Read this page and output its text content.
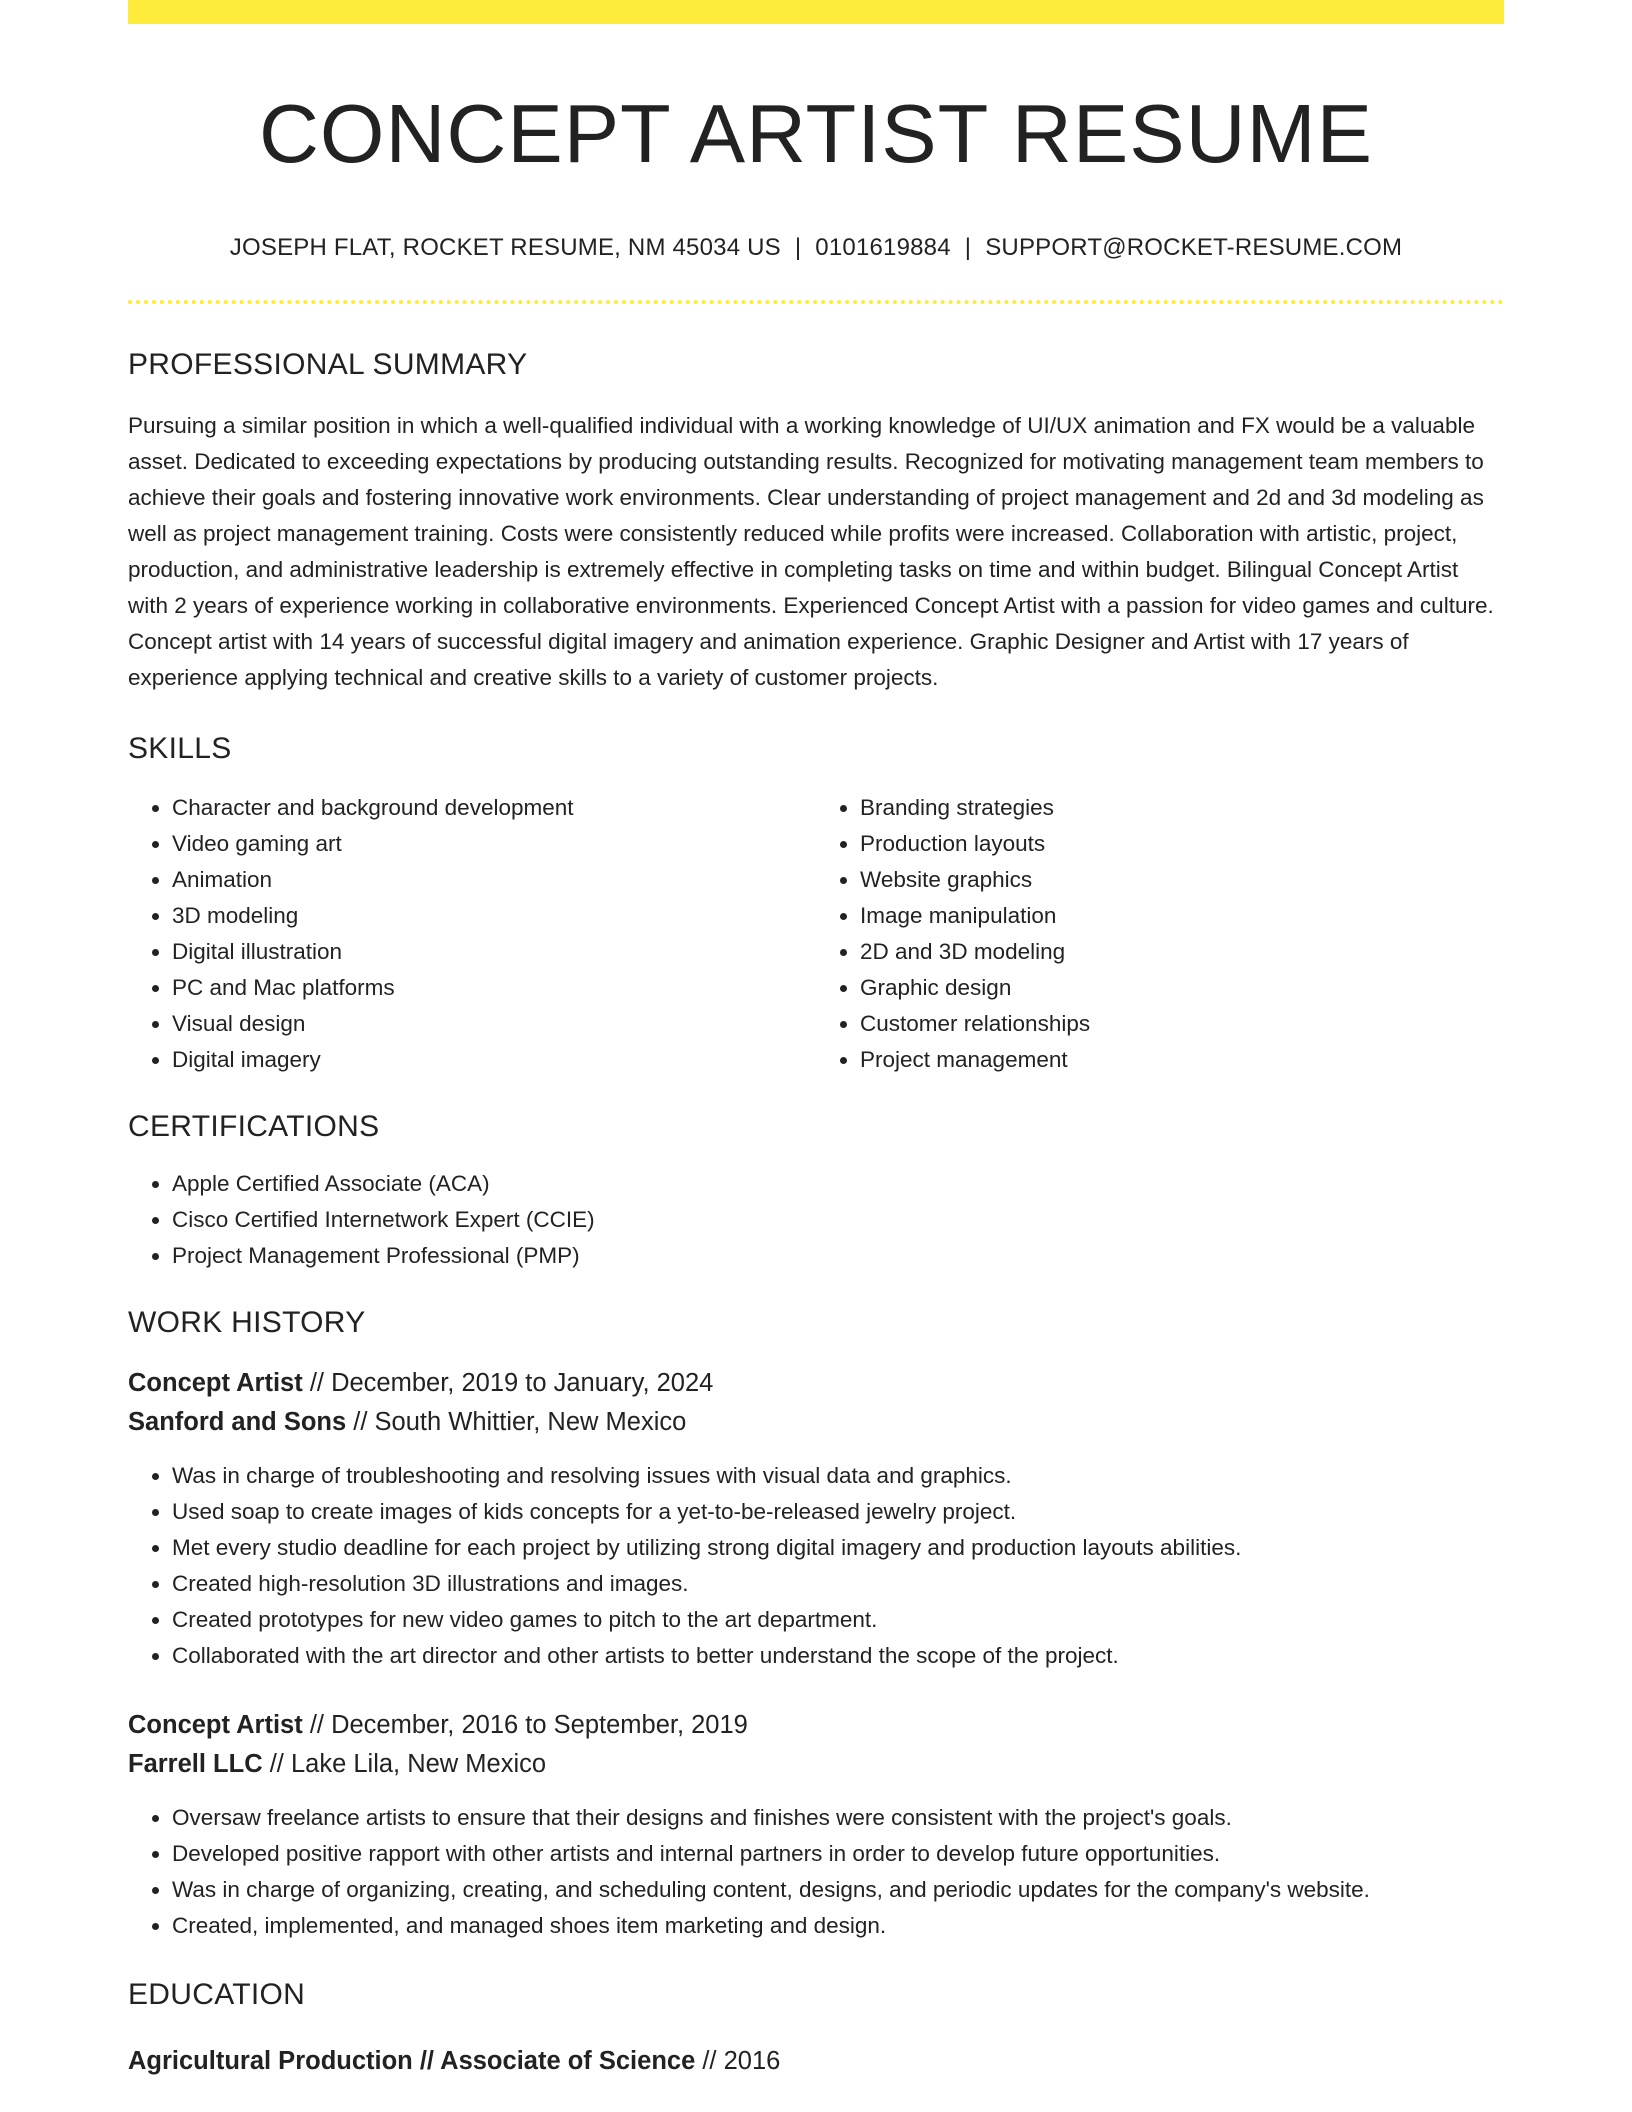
CONCEPT ARTIST RESUME
JOSEPH FLAT, ROCKET RESUME, NM 45034 US | 0101619884 | SUPPORT@ROCKET-RESUME.COM
PROFESSIONAL SUMMARY

Pursuing a similar position in which a well-qualified individual with a working knowledge of UI/UX animation and FX would be a valuable asset. Dedicated to exceeding expectations by producing outstanding results. Recognized for motivating management team members to achieve their goals and fostering innovative work environments. Clear understanding of project management and 2d and 3d modeling as well as project management training. Costs were consistently reduced while profits were increased. Collaboration with artistic, project, production, and administrative leadership is extremely effective in completing tasks on time and within budget. Bilingual Concept Artist with 2 years of experience working in collaborative environments. Experienced Concept Artist with a passion for video games and culture. Concept artist with 14 years of successful digital imagery and animation experience. Graphic Designer and Artist with 17 years of experience applying technical and creative skills to a variety of customer projects.

SKILLS
• Character and background development
• Video gaming art
• Animation
• 3D modeling
• Digital illustration
• PC and Mac platforms
• Visual design
• Digital imagery
• Branding strategies
• Production layouts
• Website graphics
• Image manipulation
• 2D and 3D modeling
• Graphic design
• Customer relationships
• Project management
CERTIFICATIONS
• Apple Certified Associate (ACA)
• Cisco Certified Internetwork Expert (CCIE)
• Project Management Professional (PMP)
WORK HISTORY
Concept Artist // December, 2019 to January, 2024
Sanford and Sons // South Whittier, New Mexico
• Was in charge of troubleshooting and resolving issues with visual data and graphics.
• Used soap to create images of kids concepts for a yet-to-be-released jewelry project.
• Met every studio deadline for each project by utilizing strong digital imagery and production layouts abilities.
• Created high-resolution 3D illustrations and images.
• Created prototypes for new video games to pitch to the art department.
• Collaborated with the art director and other artists to better understand the scope of the project.
Concept Artist // December, 2016 to September, 2019
Farrell LLC // Lake Lila, New Mexico
• Oversaw freelance artists to ensure that their designs and finishes were consistent with the project's goals.
• Developed positive rapport with other artists and internal partners in order to develop future opportunities.
• Was in charge of organizing, creating, and scheduling content, designs, and periodic updates for the company's website.
• Created, implemented, and managed shoes item marketing and design.
EDUCATION
Agricultural Production // Associate of Science // 2016
